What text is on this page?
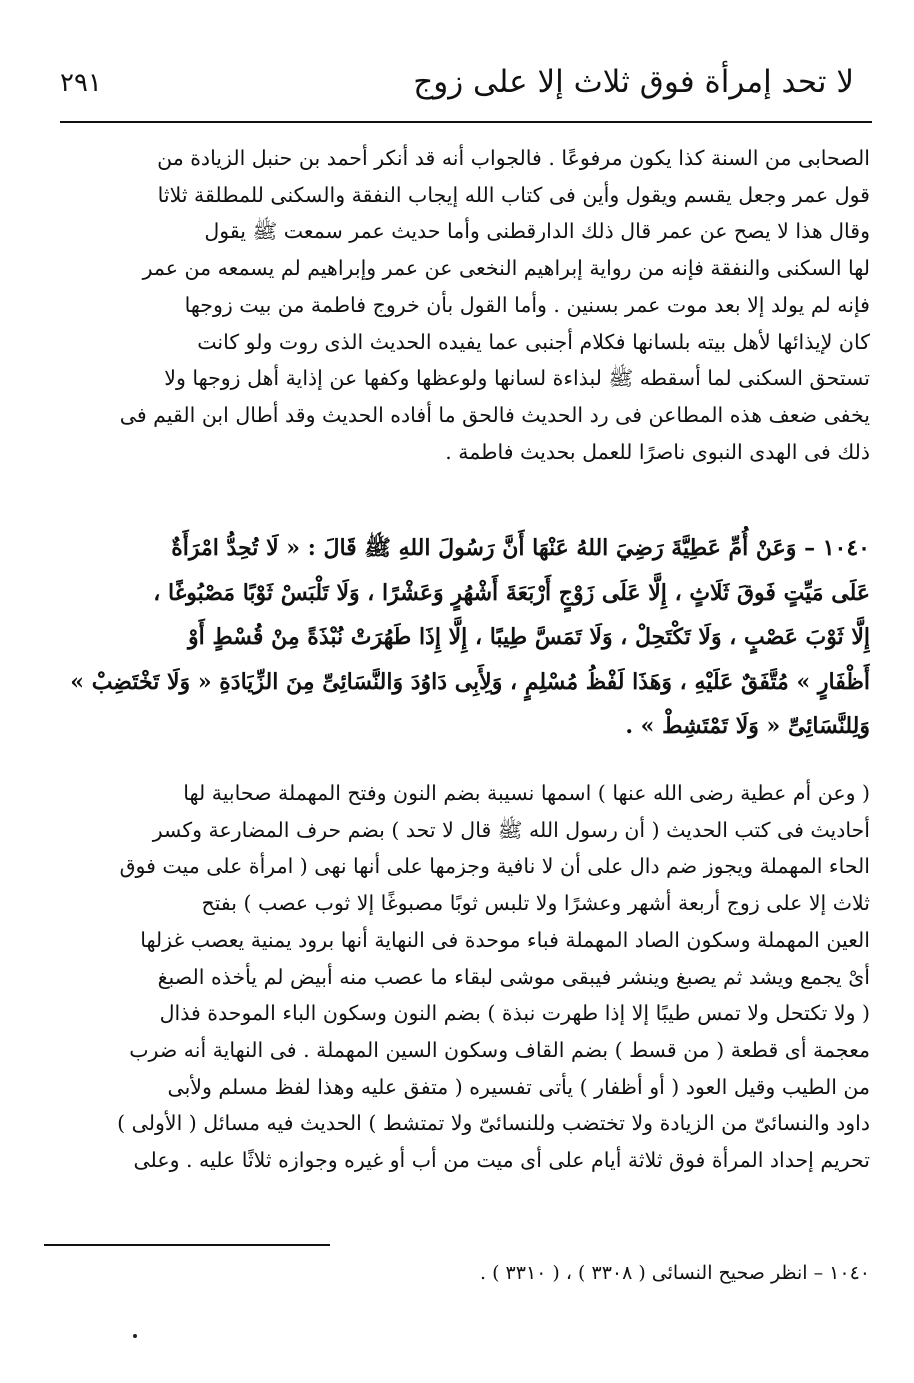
٢٩١	لا تحد إمرأة فوق ثلاث إلا على زوج
الصحابى من السنة كذا يكون مرفوعًا . فالجواب أنه قد أنكر أحمد بن حنبل الزيادة من
قول عمر وجعل يقسم ويقول وأين فى كتاب الله إيجاب النفقة والسكنى للمطلقة ثلاثا
وقال هذا لا يصح عن عمر قال ذلك الدارقطنى وأما حديث عمر سمعت ﷺ يقول
لها السكنى والنفقة فإنه من رواية إبراهيم النخعى عن عمر وإبراهيم لم يسمعه من عمر
فإنه لم يولد إلا بعد موت عمر بسنين . وأما القول بأن خروج فاطمة من بيت زوجها
كان لإيذائها لأهل بيته بلسانها فكلام أجنبى عما يفيده الحديث الذى روت ولو كانت
تستحق السكنى لما أسقطه ﷺ لبذاءة لسانها ولوعظها وكفها عن إذاية أهل زوجها ولا
يخفى ضعف هذه المطاعن فى رد الحديث فالحق ما أفاده الحديث وقد أطال ابن القيم فى
ذلك فى الهدى النبوى ناصرًا للعمل بحديث فاطمة .
١٠٤٠ – وَعَنْ أُمِّ عَطِيَّةَ رَضِيَ اللهُ عَنْهَا أَنَّ رَسُولَ اللهِ ﷺ قَالَ : « لَا تُحِدُّ امْرَأَةٌ
عَلَى مَيِّتٍ فَوقَ ثَلَاثٍ ، إِلَّا عَلَى زَوْجٍ أَرْبَعَةَ أَشْهُرٍ وَعَشْرًا ، وَلَا تَلْبَسْ ثَوْبًا مَصْبُوغًا ،
إِلَّا ثَوْبَ عَصْبٍ ، وَلَا تَكْتَحِلْ ، وَلَا تَمَسَّ طِيبًا ، إِلَّا إِذَا طَهُرَتْ نُبْذَةً مِنْ قُسْطٍ أَوْ
أَظْفَارٍ » مُتَّفَقٌ عَلَيْهِ ، وَهَذَا لَفْظُ مُسْلِمٍ ، وَلِأَبِى دَاوُدَ وَالنَّسَائِىِّ مِنَ الزِّيَادَةِ « وَلَا تَخْتَضِبْ »
وَلِلنَّسَائِىِّ « وَلَا تَمْتَشِطْ » .
( وعن أم عطية رضى الله عنها ) اسمها نسيبة بضم النون وفتح المهملة صحابية لها
أحاديث فى كتب الحديث ( أن رسول الله ﷺ قال لا تحد ) بضم حرف المضارعة وكسر
الحاء المهملة ويجوز ضم دال على أن لا نافية وجزمها على أنها نهى ( امرأة على ميت فوق
ثلاث إلا على زوج أربعة أشهر وعشرًا ولا تلبس ثوبًا مصبوغًا إلا ثوب عصب ) بفتح
العين المهملة وسكون الصاد المهملة فباء موحدة فى النهاية أنها برود يمنية يعصب غزلها
أىْ يجمع ويشد ثم يصبغ وينشر فيبقى موشى لبقاء ما عصب منه أبيض لم يأخذه الصبغ
( ولا تكتحل ولا تمس طيبًا إلا إذا طهرت نبذة ) بضم النون وسكون الباء الموحدة فذال
معجمة أى قطعة ( من قسط ) بضم القاف وسكون السين المهملة . فى النهاية أنه ضرب
من الطيب وقيل العود ( أو أظفار ) يأتى تفسيره ( متفق عليه وهذا لفظ مسلم ولأبى
داود والنسائىّ من الزيادة ولا تختضب وللنسائىّ ولا تمتشط ) الحديث فيه مسائل ( الأولى )
تحريم إحداد المرأة فوق ثلاثة أيام على أى ميت من أب أو غيره وجوازه ثلاثًا عليه . وعلى
١٠٤٠ – انظر صحيح النسائى ( ٣٣٠٨ ) ، ( ٣٣١٠ ) .
